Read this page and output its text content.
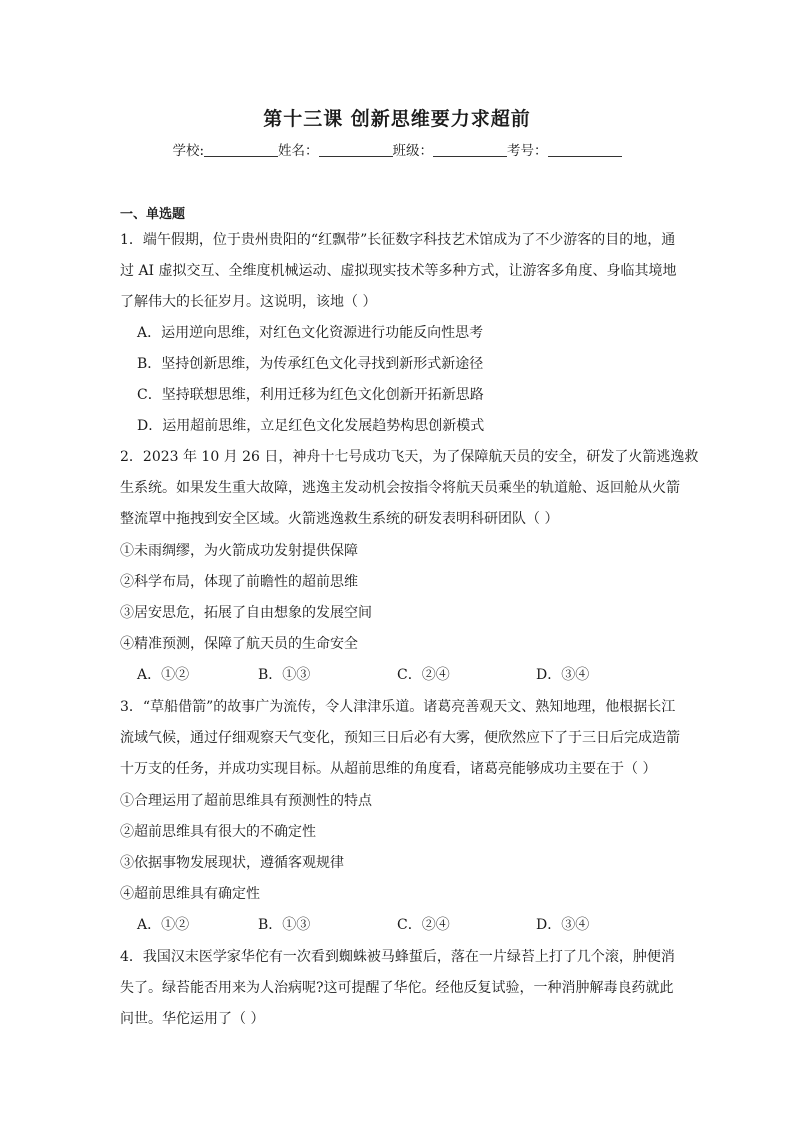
第十三课 创新思维要力求超前
学校:	姓名：	班级：	考号：
一、单选题
1．端午假期，位于贵州贵阳的“红飘带”长征数字科技艺术馆成为了不少游客的目的地，通
过 AI 虚拟交互、全维度机械运动、虚拟现实技术等多种方式，让游客多角度、身临其境地
了解伟大的长征岁月。这说明，该地（ ）
A．运用逆向思维，对红色文化资源进行功能反向性思考
B．坚持创新思维，为传承红色文化寻找到新形式新途径
C．坚持联想思维，利用迁移为红色文化创新开拓新思路
D．运用超前思维，立足红色文化发展趋势构思创新模式
2．2023 年 10 月 26 日，神舟十七号成功飞天，为了保障航天员的安全，研发了火箭逃逸救
生系统。如果发生重大故障，逃逸主发动机会按指令将航天员乘坐的轨道舱、返回舱从火箭
整流罩中拖拽到安全区域。火箭逃逸救生系统的研发表明科研团队（ ）
①未雨绸缪，为火箭成功发射提供保障
②科学布局，体现了前瞻性的超前思维
③居安思危，拓展了自由想象的发展空间
④精准预测，保障了航天员的生命安全
A．①②	B．①③	C．②④	D．③④
3．“草船借箭”的故事广为流传，令人津津乐道。诸葛亮善观天文、熟知地理，他根据长江
流域气候，通过仔细观察天气变化，预知三日后必有大雾，便欣然应下了于三日后完成造箭
十万支的任务，并成功实现目标。从超前思维的角度看，诸葛亮能够成功主要在于（ ）
①合理运用了超前思维具有预测性的特点
②超前思维具有很大的不确定性
③依据事物发展现状，遵循客观规律
④超前思维具有确定性
A．①②	B．①③	C．②④	D．③④
4．我国汉末医学家华佗有一次看到蜘蛛被马蜂蜇后，落在一片绿苔上打了几个滚，肿便消
失了。绿苔能否用来为人治病呢?这可提醒了华佗。经他反复试验，一种消肿解毒良药就此
问世。华佗运用了（ ）
